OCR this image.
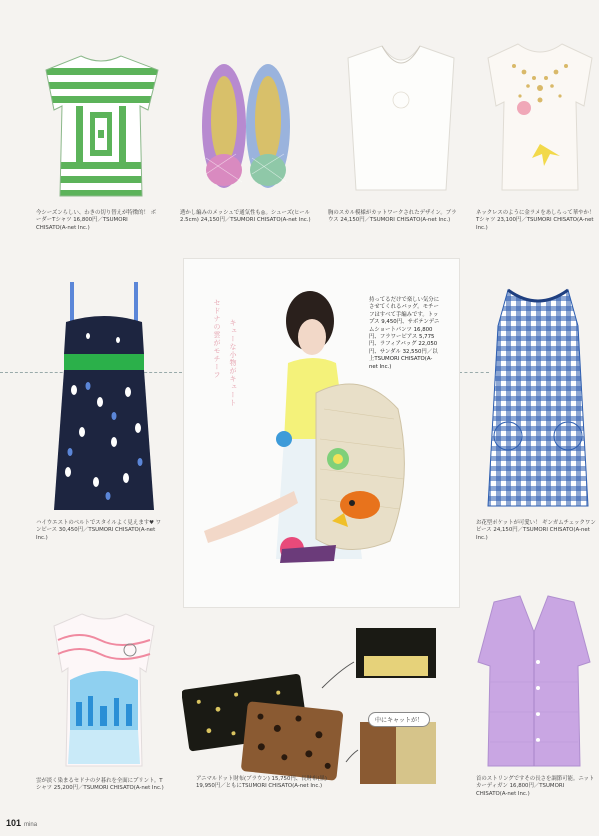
今シーズンらしい、わきの切り替えが特徴的！ ボーダーTシャツ 16,800円／TSUMORI CHISATO(A-net Inc.)
透かし編みのメッシュで通気性も◎。シューズ(ヒール2.5cm) 24,150円／TSUMORI CHISATO(A-net Inc.)
胸のスカル模様がカットワークされたデザイン。ブラウス 24,150円／TSUMORI CHISATO(A-net Inc.)
ネックレスのように金ラメをあしらって華やか！Tシャツ 23,100円／TSUMORI CHISATO(A-net Inc.)
ハイウエストのベルトでスタイルよく見えます♥ ワンピース 30,450円／TSUMORI CHISATO(A-net Inc.)
セドナの雲がモチーフ キューな小物がキュート
持ってるだけで楽しい気分にさせてくれるバッグ。モチーフはすべて手編みです。トップス 9,450円、サボテンデニムショートパンツ 16,800円、フラワーピアス 5,775円、ラフィアバッグ 22,050円、サンダル 32,550円／以上TSUMORI CHISATO(A-net Inc.)
お花型ポケットが可愛い！ ギンガムチェックワンピース 24,150円／TSUMORI CHISATO(A-net Inc.)
雲が淡く染まるセドナの夕暮れを全面にプリント。Tシャツ 25,200円／TSUMORI CHISATO(A-net Inc.)
中にキャットが！
アニマルドット財布(ブラウン) 15,750円、長財布(黒) 19,950円／ともにTSUMORI CHISATO(A-net Inc.)
首のストリングですその長さを調節可能。ニットカーディガン 16,800円／TSUMORI CHISATO(A-net Inc.)
101 mina
